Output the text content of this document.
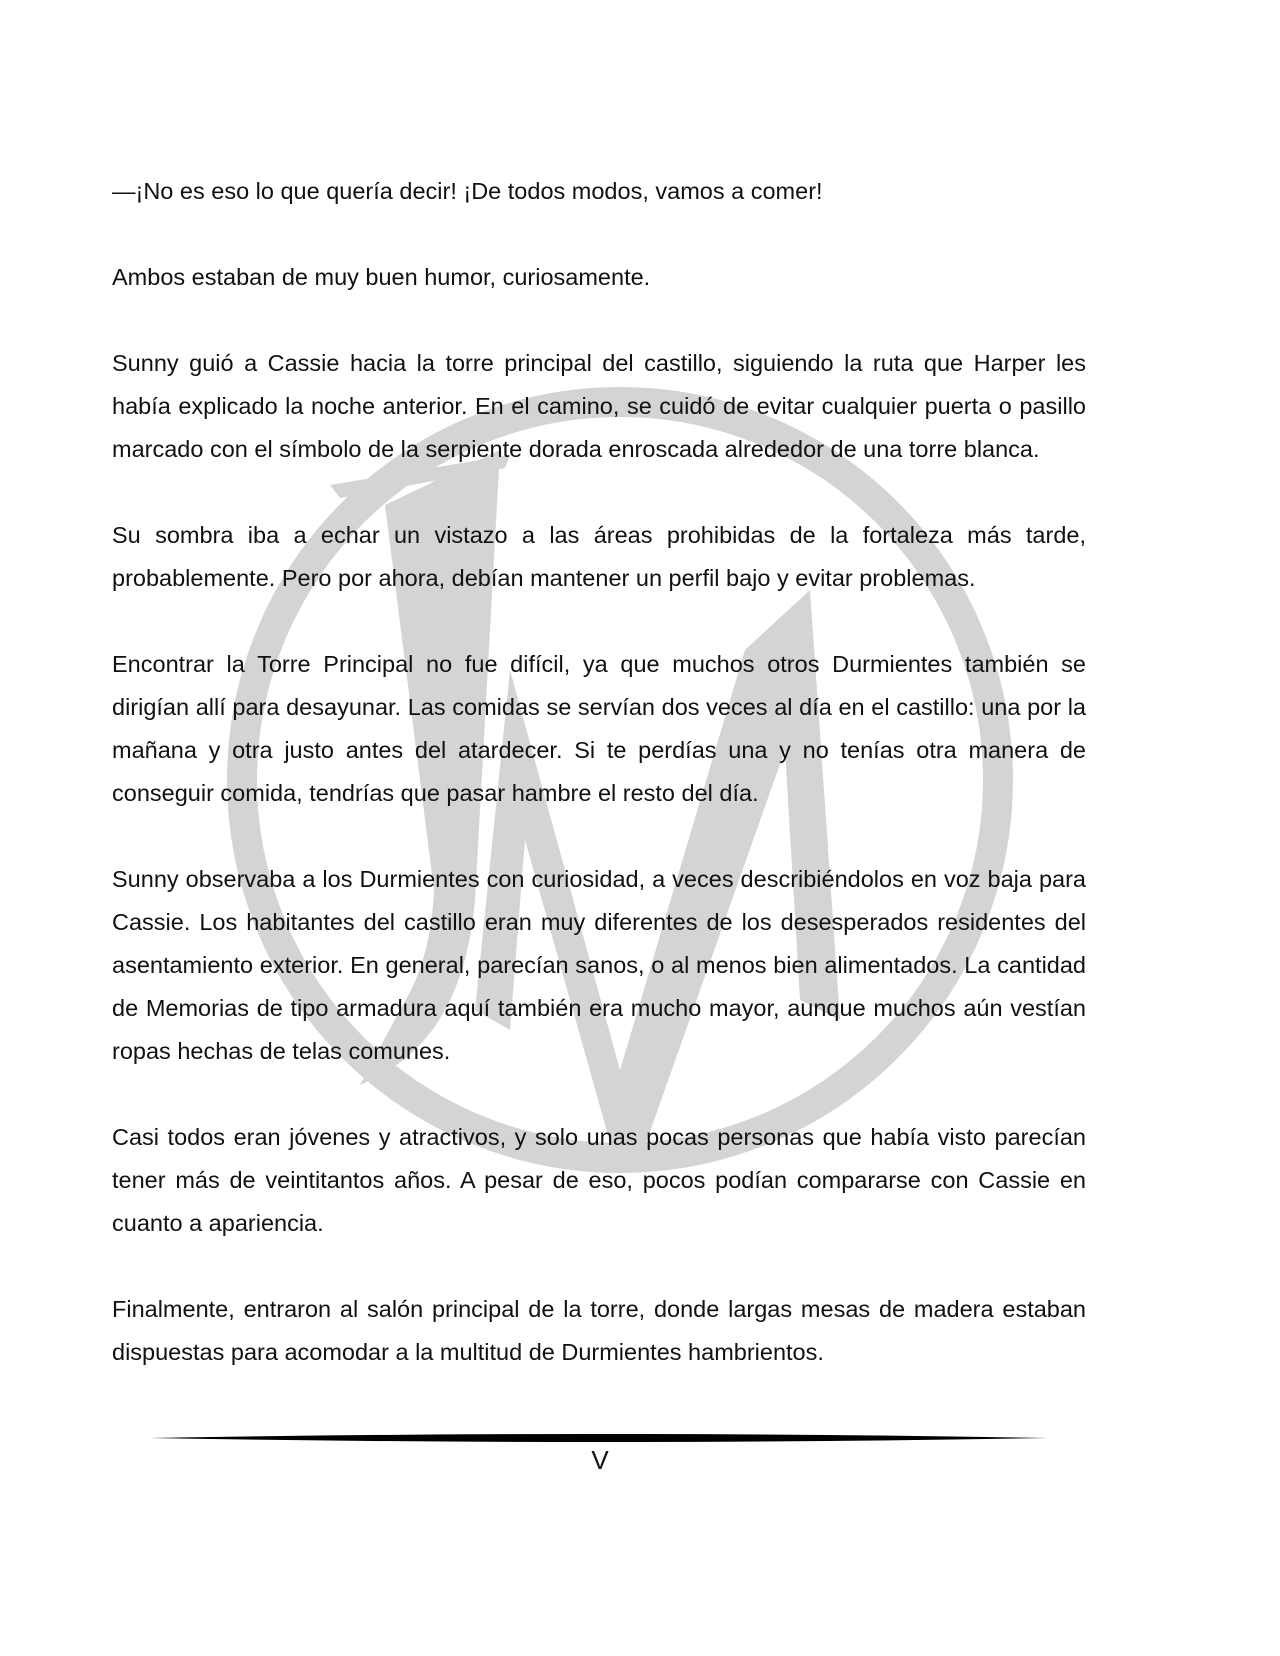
—¡No es eso lo que quería decir! ¡De todos modos, vamos a comer!

Ambos estaban de muy buen humor, curiosamente.

Sunny guió a Cassie hacia la torre principal del castillo, siguiendo la ruta que Harper les había explicado la noche anterior. En el camino, se cuidó de evitar cualquier puerta o pasillo marcado con el símbolo de la serpiente dorada enroscada alrededor de una torre blanca.

Su sombra iba a echar un vistazo a las áreas prohibidas de la fortaleza más tarde, probablemente. Pero por ahora, debían mantener un perfil bajo y evitar problemas.

Encontrar la Torre Principal no fue difícil, ya que muchos otros Durmientes también se dirigían allí para desayunar. Las comidas se servían dos veces al día en el castillo: una por la mañana y otra justo antes del atardecer. Si te perdías una y no tenías otra manera de conseguir comida, tendrías que pasar hambre el resto del día.

Sunny observaba a los Durmientes con curiosidad, a veces describiéndolos en voz baja para Cassie. Los habitantes del castillo eran muy diferentes de los desesperados residentes del asentamiento exterior. En general, parecían sanos, o al menos bien alimentados. La cantidad de Memorias de tipo armadura aquí también era mucho mayor, aunque muchos aún vestían ropas hechas de telas comunes.

Casi todos eran jóvenes y atractivos, y solo unas pocas personas que había visto parecían tener más de veintitantos años. A pesar de eso, pocos podían compararse con Cassie en cuanto a apariencia.

Finalmente, entraron al salón principal de la torre, donde largas mesas de madera estaban dispuestas para acomodar a la multitud de Durmientes hambrientos.

V
